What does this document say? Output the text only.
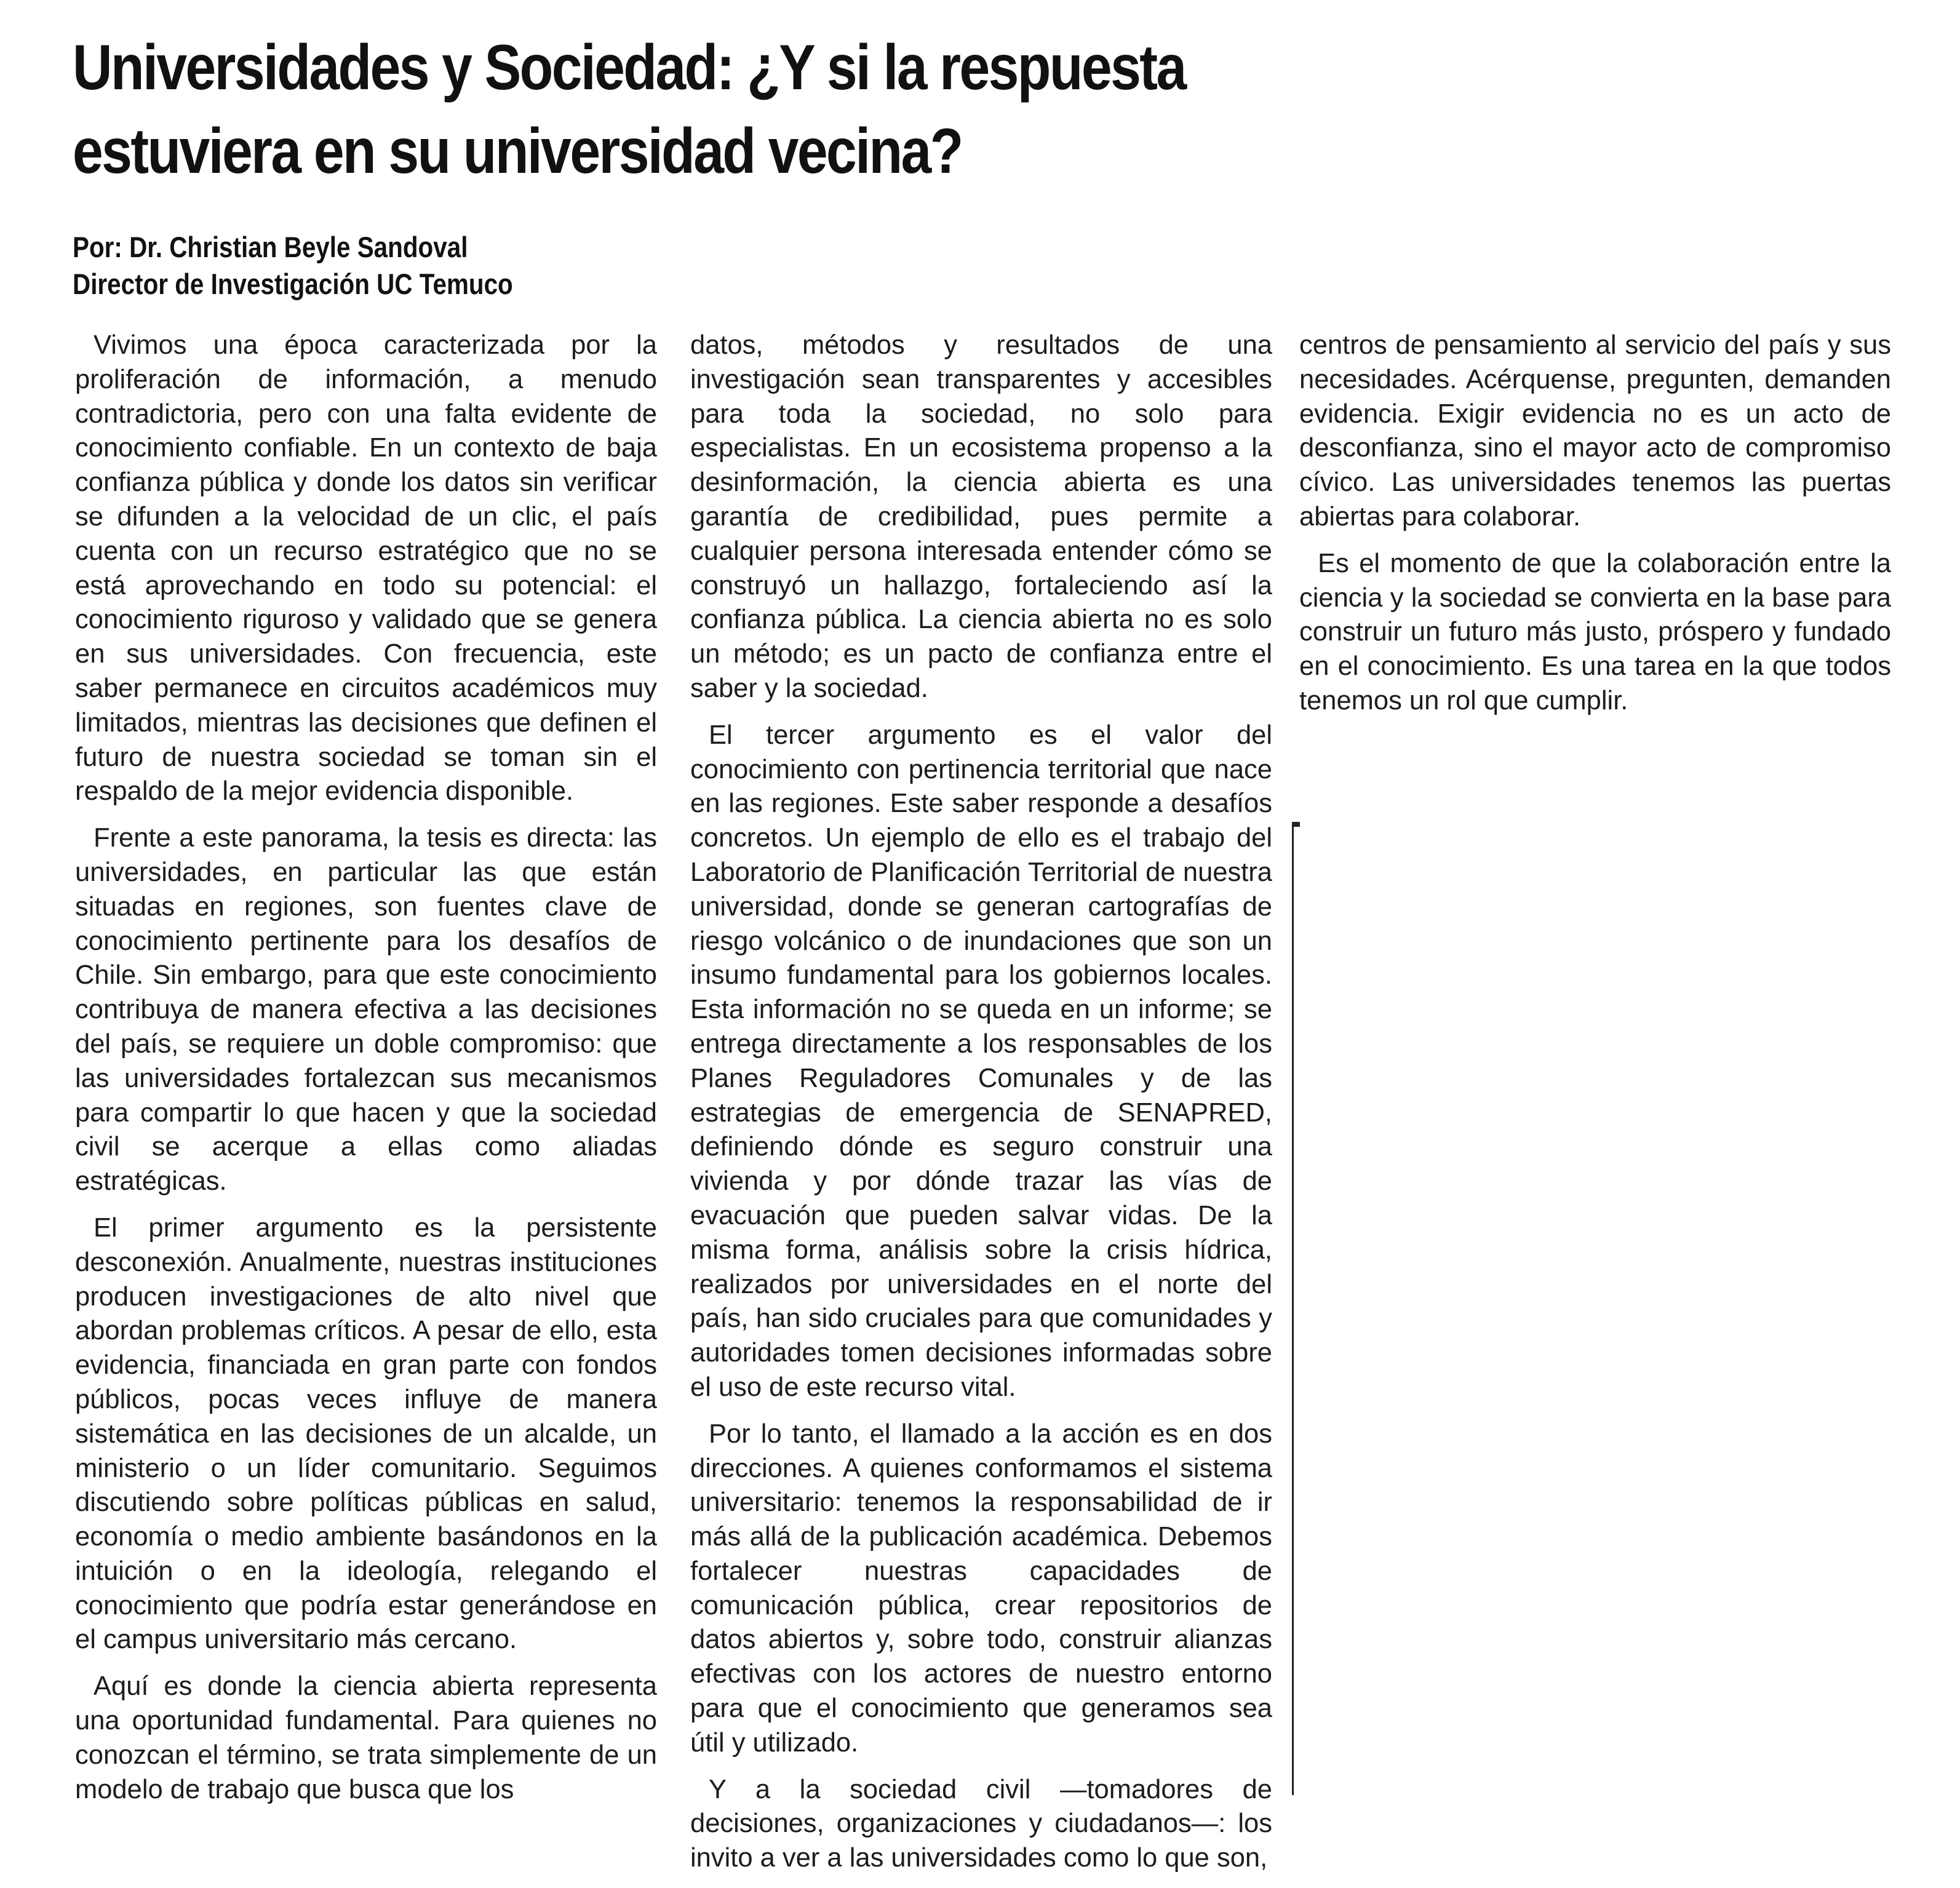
Universidades y Sociedad: ¿Y si la respuesta
estuviera en su universidad vecina?
Por: Dr. Christian Beyle Sandoval
Director de Investigación UC Temuco

Vivimos una época caracterizada por la proliferación de información, a menudo contradictoria, pero con una falta evidente de conocimiento confiable. En un contexto de baja confianza pública y donde los datos sin verificar se difunden a la velocidad de un clic, el país cuenta con un recurso estratégico que no se está aprovechando en todo su potencial: el conocimiento riguroso y validado que se genera en sus universidades. Con frecuencia, este saber permanece en circuitos académicos muy limitados, mientras las decisiones que definen el futuro de nuestra sociedad se toman sin el respaldo de la mejor evidencia disponible.

Frente a este panorama, la tesis es directa: las universidades, en particular las que están situadas en regiones, son fuentes clave de conocimiento pertinente para los desafíos de Chile. Sin embargo, para que este conocimiento contribuya de manera efectiva a las decisiones del país, se requiere un doble compromiso: que las universidades fortalezcan sus mecanismos para compartir lo que hacen y que la sociedad civil se acerque a ellas como aliadas estratégicas.

El primer argumento es la persistente desconexión. Anualmente, nuestras instituciones producen investigaciones de alto nivel que abordan problemas críticos. A pesar de ello, esta evidencia, financiada en gran parte con fondos públicos, pocas veces influye de manera sistemática en las decisiones de un alcalde, un ministerio o un líder comunitario. Seguimos discutiendo sobre políticas públicas en salud, economía o medio ambiente basándonos en la intuición o en la ideología, relegando el conocimiento que podría estar generándose en el campus universitario más cercano.

Aquí es donde la ciencia abierta representa una oportunidad fundamental. Para quienes no conozcan el término, se trata simplemente de un modelo de trabajo que busca que los

datos, métodos y resultados de una investigación sean transparentes y accesibles para toda la sociedad, no solo para especialistas. En un ecosistema propenso a la desinformación, la ciencia abierta es una garantía de credibilidad, pues permite a cualquier persona interesada entender cómo se construyó un hallazgo, fortaleciendo así la confianza pública. La ciencia abierta no es solo un método; es un pacto de confianza entre el saber y la sociedad.

El tercer argumento es el valor del conocimiento con pertinencia territorial que nace en las regiones. Este saber responde a desafíos concretos. Un ejemplo de ello es el trabajo del Laboratorio de Planificación Territorial de nuestra universidad, donde se generan cartografías de riesgo volcánico o de inundaciones que son un insumo fundamental para los gobiernos locales. Esta información no se queda en un informe; se entrega directamente a los responsables de los Planes Reguladores Comunales y de las estrategias de emergencia de SENAPRED, definiendo dónde es seguro construir una vivienda y por dónde trazar las vías de evacuación que pueden salvar vidas. De la misma forma, análisis sobre la crisis hídrica, realizados por universidades en el norte del país, han sido cruciales para que comunidades y autoridades tomen decisiones informadas sobre el uso de este recurso vital.

Por lo tanto, el llamado a la acción es en dos direcciones. A quienes conformamos el sistema universitario: tenemos la responsabilidad de ir más allá de la publicación académica. Debemos fortalecer nuestras capacidades de comunicación pública, crear repositorios de datos abiertos y, sobre todo, construir alianzas efectivas con los actores de nuestro entorno para que el conocimiento que generamos sea útil y utilizado.

Y a la sociedad civil —tomadores de decisiones, organizaciones y ciudadanos—: los invito a ver a las universidades como lo que son,

centros de pensamiento al servicio del país y sus necesidades. Acérquense, pregunten, demanden evidencia. Exigir evidencia no es un acto de desconfianza, sino el mayor acto de compromiso cívico. Las universidades tenemos las puertas abiertas para colaborar.

Es el momento de que la colaboración entre la ciencia y la sociedad se convierta en la base para construir un futuro más justo, próspero y fundado en el conocimiento. Es una tarea en la que todos tenemos un rol que cumplir.
